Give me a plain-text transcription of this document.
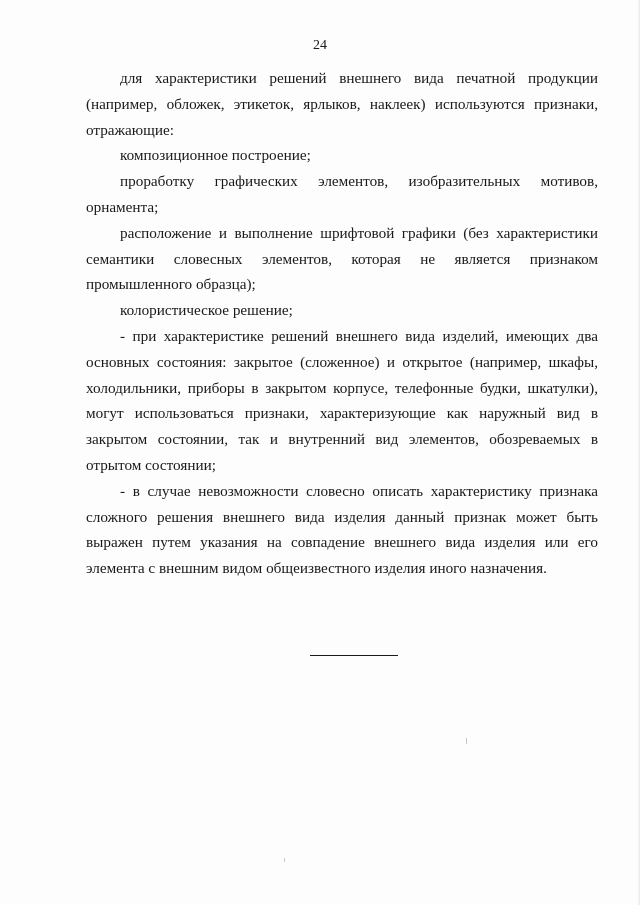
24

для характеристики решений внешнего вида печатной продукции (например, обложек, этикеток, ярлыков, наклеек) используются признаки, отражающие:

композиционное построение;

проработку графических элементов, изобразительных мотивов, орнамента;

расположение и выполнение шрифтовой графики (без характеристики семантики словесных элементов, которая не является признаком промышленного образца);

колористическое решение;

- при характеристике решений внешнего вида изделий, имеющих два основных состояния: закрытое (сложенное) и открытое (например, шкафы, холодильники, приборы в закрытом корпусе, телефонные будки, шкатулки), могут использоваться признаки, характеризующие как наружный вид в закрытом состоянии, так и внутренний вид элементов, обозреваемых в отрытом состоянии;

- в случае невозможности словесно описать характеристику признака сложного решения внешнего вида изделия данный признак может быть выражен путем указания на совпадение внешнего вида изделия или его элемента с внешним видом общеизвестного изделия иного назначения.
